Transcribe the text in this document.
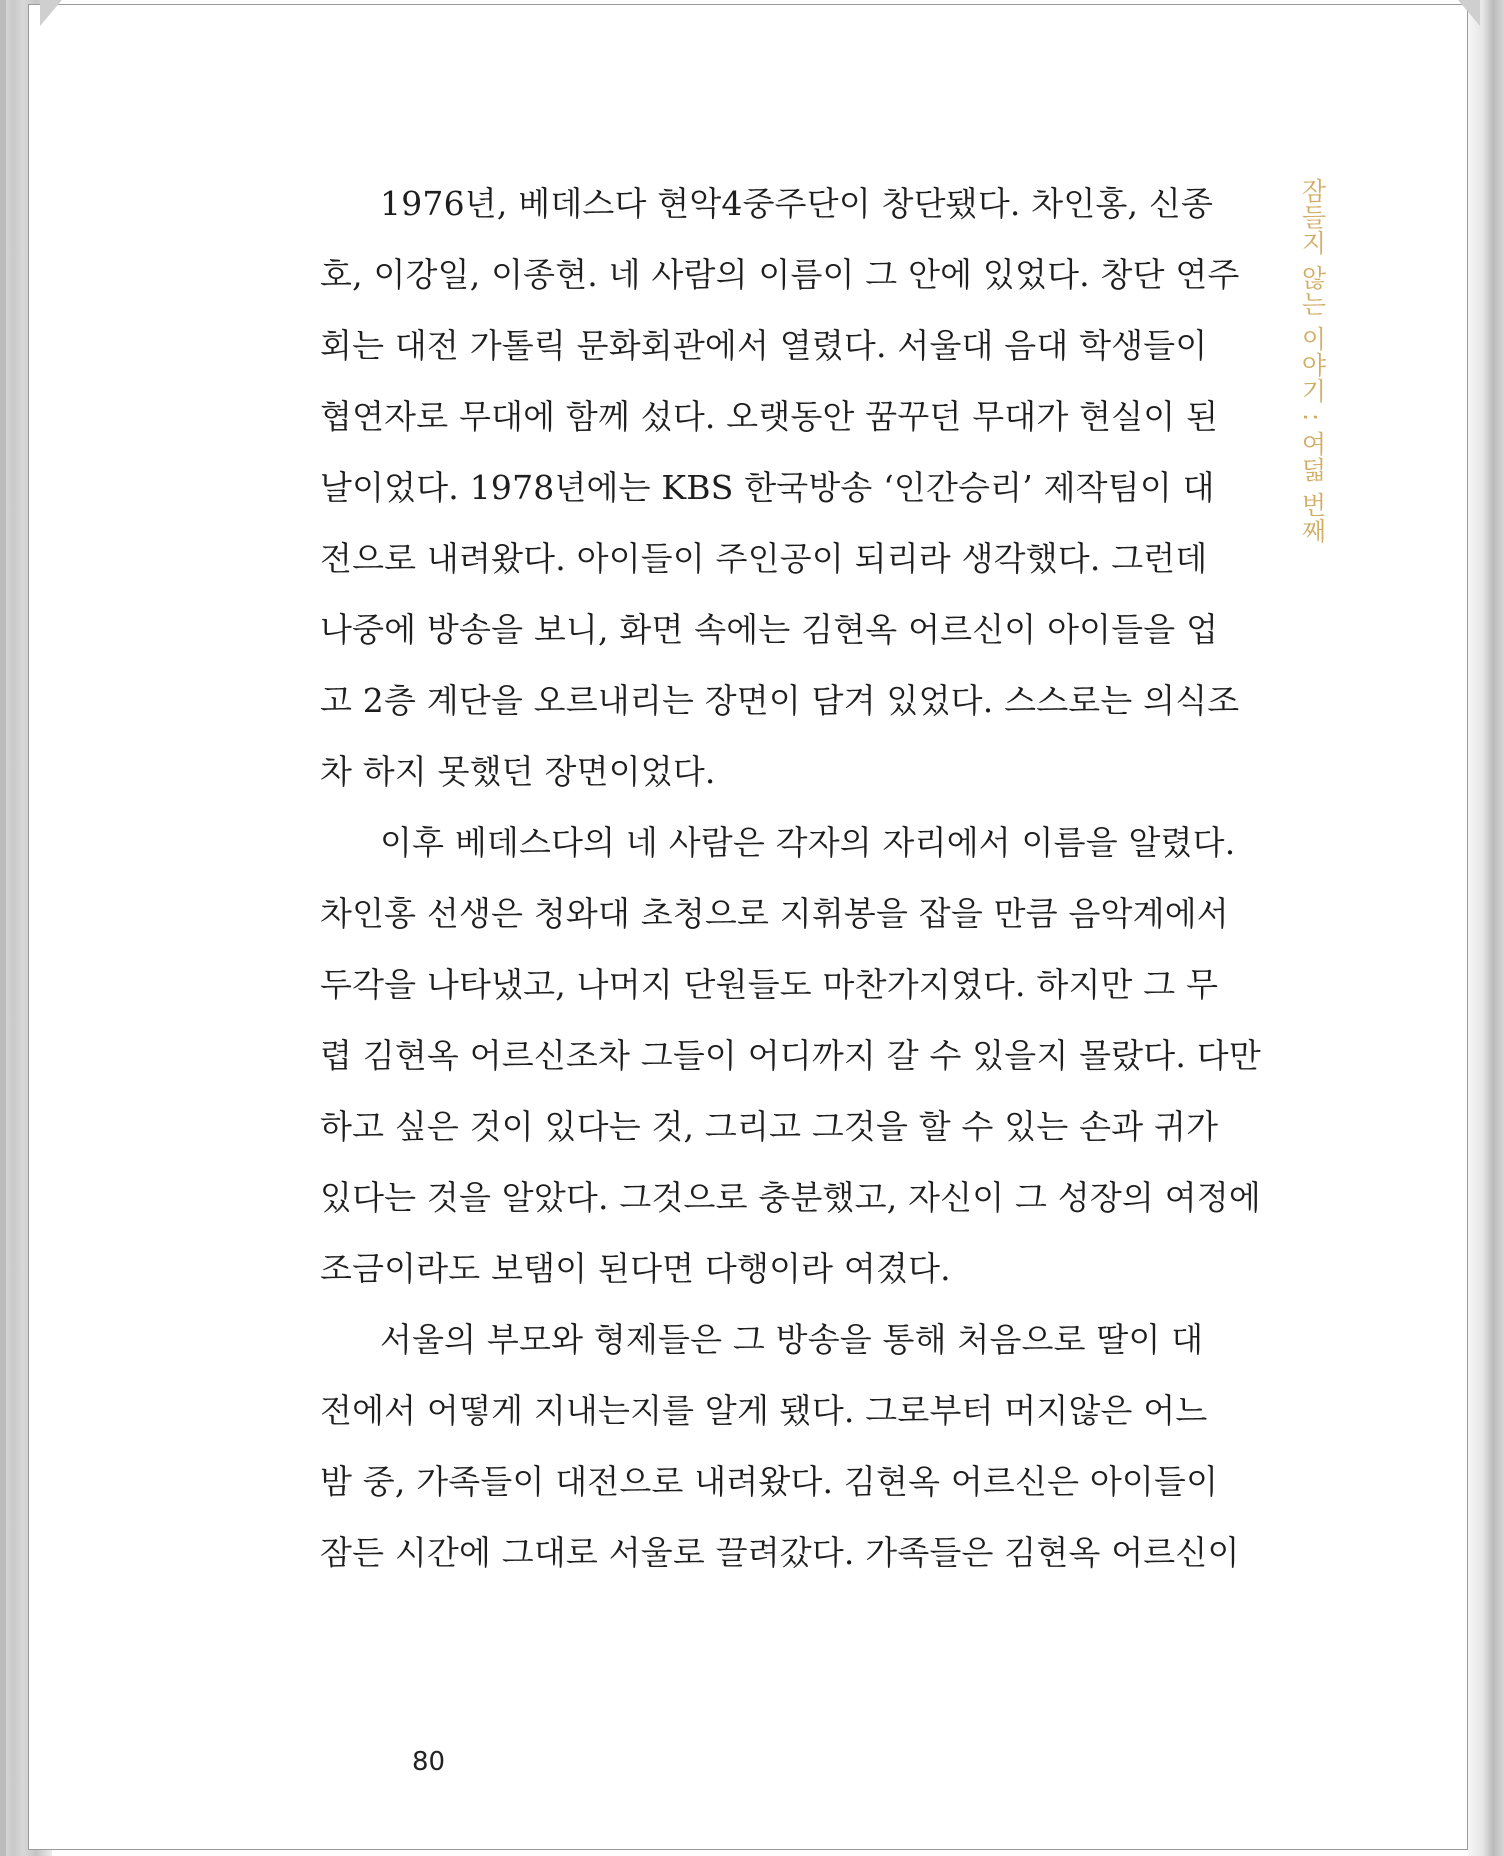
1976년, 베데스다 현악4중주단이 창단됐다. 차인홍, 신종
호, 이강일, 이종현. 네 사람의 이름이 그 안에 있었다. 창단 연주
회는 대전 가톨릭 문화회관에서 열렸다. 서울대 음대 학생들이
협연자로 무대에 함께 섰다. 오랫동안 꿈꾸던 무대가 현실이 된
날이었다. 1978년에는 KBS 한국방송 ‘인간승리’ 제작팀이 대
전으로 내려왔다. 아이들이 주인공이 되리라 생각했다. 그런데
나중에 방송을 보니, 화면 속에는 김현옥 어르신이 아이들을 업
고 2층 계단을 오르내리는 장면이 담겨 있었다. 스스로는 의식조
차 하지 못했던 장면이었다.
이후 베데스다의 네 사람은 각자의 자리에서 이름을 알렸다.
차인홍 선생은 청와대 초청으로 지휘봉을 잡을 만큼 음악계에서
두각을 나타냈고, 나머지 단원들도 마찬가지였다. 하지만 그 무
렵 김현옥 어르신조차 그들이 어디까지 갈 수 있을지 몰랐다. 다만
하고 싶은 것이 있다는 것, 그리고 그것을 할 수 있는 손과 귀가
있다는 것을 알았다. 그것으로 충분했고, 자신이 그 성장의 여정에
조금이라도 보탬이 된다면 다행이라 여겼다.
서울의 부모와 형제들은 그 방송을 통해 처음으로 딸이 대
전에서 어떻게 지내는지를 알게 됐다. 그로부터 머지않은 어느
밤 중, 가족들이 대전으로 내려왔다. 김현옥 어르신은 아이들이
잠든 시간에 그대로 서울로 끌려갔다. 가족들은 김현옥 어르신이
잠들지 않는 이야기 : 여덟 번째
80
